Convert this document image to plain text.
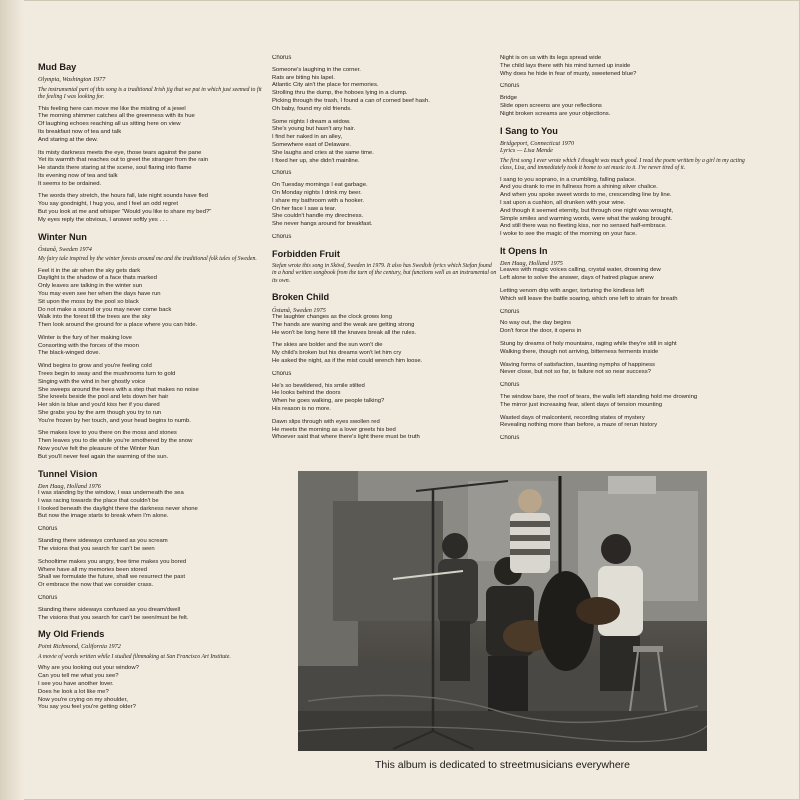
Mud Bay
Olympia, Washington 1977
The instrumental part of this song is a traditional Irish jig that we put in which just seemed to fit the feeling I was looking for.
This feeling here can move me like the misting of a jewel
The morning shimmer catches all the greenness with its hue
Of laughing echoes reaching all us sitting here on view
Its breakfast now of tea and talk
And staring at the dew.
Its misty darkness meets the eye, those tears against the pane
Yet its warmth that reaches out to greet the stranger from the rain
He stands there staring at the scene, soul flaring into flame
Its evening now of tea and talk
It seems to be ordained.
The words they stretch, the hours fall, late night sounds have fled
You say goodnight, I hug you, and I feel an odd regret
But you look at me and whisper "Would you like to share my bed?"
My eyes reply the obvious, I answer softly yes . . .
Winter Nun
Östanå, Sweden 1974
My fairy tale inspired by the winter forests around me and the traditional folk tales of Sweden.
Feel it in the air when the sky gets dark
Daylight is the shadow of a face thats marked
Only leaves are talking in the winter sun
You may even see her when the days have run
Sit upon the moss by the pool so black
Do not make a sound or you may never come back
Walk into the forest till the trees are the sky
Then look around the ground for a place where you can hide.
Winter is the fury of her making love
Consorting with the forces of the moon
The black-winged dove.
Wind begins to grow and you're feeling cold
Trees begin to sway and the mushrooms turn to gold
Singing with the wind in her ghostly voice
She sweeps around the trees with a step that makes no noise
She kneels beside the pool and lets down her hair
Her skin is blue and you'd kiss her if you dared
She grabs you by the arm though you try to run
You're frozen by her touch, and your head begins to numb.
She makes love to you there on the moss and stones
Then leaves you to die while you're smothered by the snow
Now you've felt the pleasure of the Winter Nun
But you'll never feel again the warming of the sun.
Tunnel Vision
Den Haag, Holland 1976
I was standing by the window, I was underneath the sea
I was racing towards the place that couldn't be
I looked beneath the daylight there the darkness never shone
But now the image starts to break when I'm alone.
Chorus
Standing there sideways confused as you scream
The visions that you search for can't be seen
Schooltime makes you angry, free time makes you bored
Where have all my memories been stored
Shall we formulate the future, shall we resurrect the past
Or embrace the now that we consider crass.
Chorus
Standing there sideways confused as you dream/dwell
The visions that you search for can't be seen/must be felt.
My Old Friends
Point Richmond, California 1972
A movie of words written while I studied filmmaking at San Francisco Art Institute.
Why are you looking out your window?
Can you tell me what you see?
I see you have another lover.
Does he look a lot like me?
Now you're crying on my shoulder,
You say you feel you're getting older?
Chorus
Someone's laughing in the corner.
Rats are biting his lapel.
Atlantic City ain't the place for memories.
Strolling thru the dump, the hoboes lying in a clump.
Picking through the trash, I found a can of corned beef hash.
Oh baby, found my old friends.
Some nights I dream a widow.
She's young but hasn't any hair.
I find her naked in an alley,
Somewhere east of Delaware.
She laughs and cries at the same time.
I fixed her up, she didn't mainline.
Chorus
On Tuesday mornings I eat garbage.
On Monday nights I drink my beer.
I share my bathroom with a hooker.
On her face I saw a tear.
She couldn't handle my directness.
She never hangs around for breakfast.
Chorus
Forbidden Fruit
Stefan wrote this song in Skövd, Sweden in 1979. It also has Swedish lyrics which Stefan found in a hand written songbook from the turn of the century, but functions well as an instrumental on its own.
Broken Child
Östanå, Sweden 1975
The laughter changes as the clock grows long
The hands are waning and the weak are getting strong
He won't be long here till the knaves break all the rules.
The skies are bolder and the sun won't die
My child's broken but his dreams won't let him cry
He asked the night, as if the mist could wrench him loose.
Chorus
He's so bewildered, his smile stilted
He looks behind the doors
When he goes walking, are people talking?
His reason is no more.
Dawn slips through with eyes swollen red
He meets the morning as a lover greets his bed
Whoever said that where there's light there must be truth
Night is on us with its legs spread wide
The child lays there with his mind turned up inside
Why does he hide in fear of musty, sweetened blue?
Chorus
Bridge
Slide open screens are your reflections
Night broken screams are your objections.
I Sang to You
Bridgeport, Connecticut 1970
Lyrics — Lisa Mende
The first song I ever wrote which I thought was much good. I read the poem written by a girl in my acting class, Lisa, and immediately took it home to set music to it. I've never tired of it.
I sang to you soprano, in a crumbling, falling palace.
And you drank to me in fullness from a shining silver chalice.
And when you spoke sweet words to me, crescending line by line.
I sat upon a cushion, all drunken with your wine.
And though it seemed eternity, but through one night was wrought,
Simple smiles and warming words, were what the waking brought.
And still there was no fleeting kiss, nor no sensed half-embrace.
I woke to see the magic of the morning on your face.
It Opens In
Den Haag, Holland 1975
Leaves with magic voices calling, crystal water, drowning dew
Left alone to solve the answer, days of hatred plague anew
Letting venom drip with anger, torturing the kindless left
Which will leave the battle soaring, which one left to strain for breath
Chorus
No way out, the day begins
Don't force the door, it opens in
Stung by dreams of holy mountains, raging while they're still in sight
Walking there, though not arriving, bitterness ferments inside
Waving forms of satisfaction, taunting nymphs of happiness
Never close, but not so far, is failure not so near success?
Chorus
The window bare, the roof of tears, the walls left standing hold me drowning
The mirror just increasing fear, silent days of tension mounting
Wasted days of malcontent, recording states of mystery
Revealing nothing more than before, a maze of rerun history
Chorus
This album is dedicated to streetmusicians everywhere
